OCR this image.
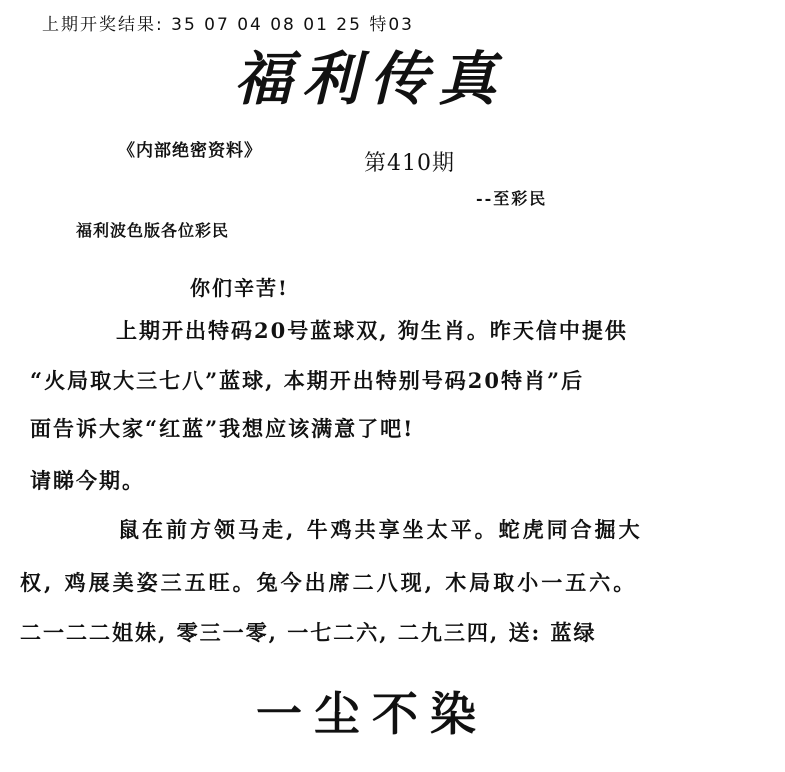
上期开奖结果: 35 07 04 08 01 25 特03
福利传真
《内部绝密资料》	第410期
--至彩民
福利波色版各位彩民
你们辛苦!
上期开出特码20号蓝球双, 狗生肖。昨天信中提供
“火局取大三七八”蓝球, 本期开出特别号码20特肖”后
面告诉大家“红蓝”我想应该满意了吧!
请睇今期。
鼠在前方领马走, 牛鸡共享坐太平。蛇虎同合掘大
权, 鸡展美姿三五旺。兔今出席二八现, 木局取小一五六。
二一二二姐妹, 零三一零, 一七二六, 二九三四, 送: 蓝绿
一尘不染
